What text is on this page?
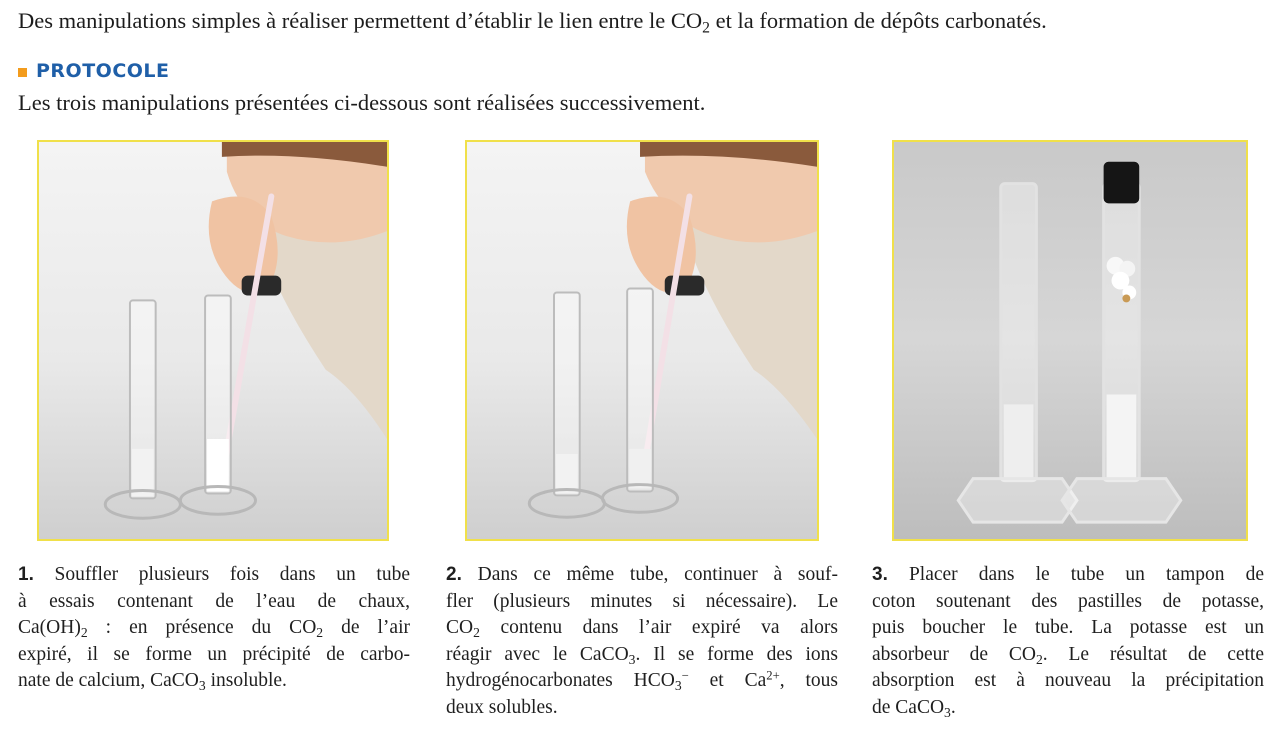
Des manipulations simples à réaliser permettent d’établir le lien entre le $CO_2$ et la formation de dépôts carbonatés.
PROTOCOLE
Les trois manipulations présentées ci-dessous sont réalisées successivement.
1. Souffler plusieurs fois dans un tube
à essais contenant de l’eau de chaux,
$Ca(OH)_2$ : en présence du $CO_2$ de l’air
expiré, il se forme un précipité de carbo-
nate de calcium, CaCO$_3$ insoluble.
2. Dans ce même tube, continuer à souf-
fler (plusieurs minutes si nécessaire). Le
$CO_2$ contenu dans l’air expiré va alors
réagir avec le CaCO$_3$. Il se forme des ions
hydrogénocarbonates $HCO_3^-$ et $Ca^{2+}$, tous
deux solubles.
3. Placer dans le tube un tampon de
coton soutenant des pastilles de potasse,
puis boucher le tube. La potasse est un
absorbeur de $CO_2$. Le résultat de cette
absorption est à nouveau la précipitation
de CaCO$_3$.
